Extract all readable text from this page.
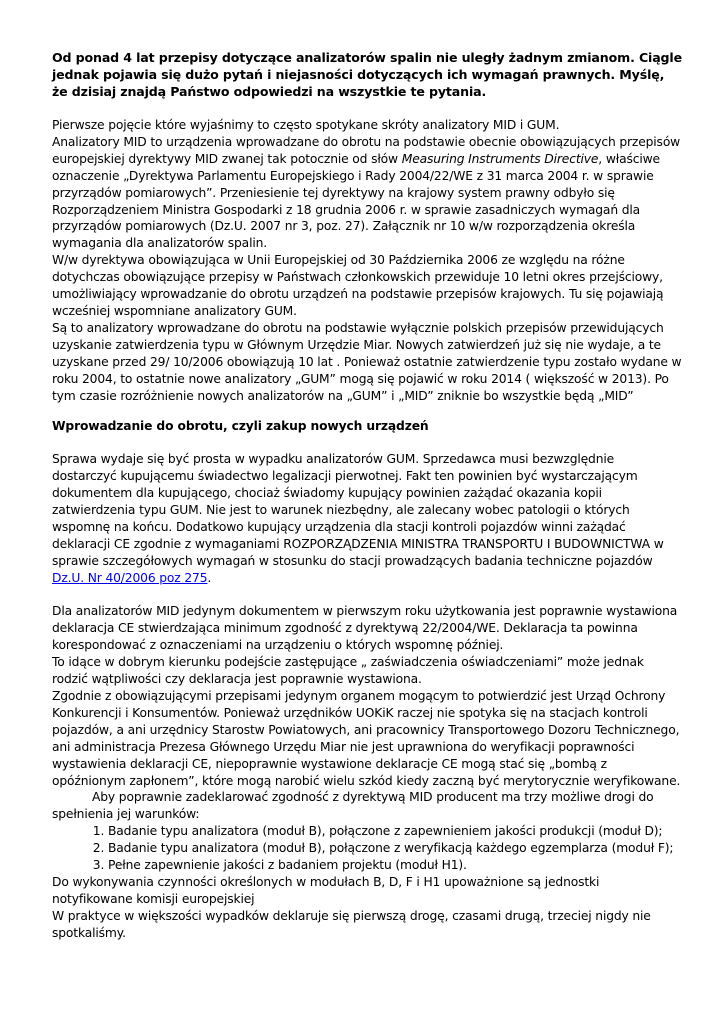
Od ponad 4 lat przepisy dotyczące analizatorów spalin nie uległy żadnym zmianom. Ciągle jednak pojawia się dużo pytań i niejasności dotyczących ich wymagań prawnych. Myślę, że dzisiaj znajdą Państwo odpowiedzi na wszystkie te pytania.

Pierwsze pojęcie które wyjaśnimy to często spotykane skróty analizatory MID i GUM.

Analizatory MID to urządzenia wprowadzane do obrotu na podstawie obecnie obowiązujących przepisów europejskiej dyrektywy MID zwanej tak potocznie od słów Measuring Instruments Directive, właściwe oznaczenie „Dyrektywa Parlamentu Europejskiego i Rady 2004/22/WE z 31 marca 2004 r. w sprawie przyrządów pomiarowych”. Przeniesienie tej dyrektywy na krajowy system prawny odbyło się Rozporządzeniem Ministra Gospodarki z 18 grudnia 2006 r. w sprawie zasadniczych wymagań dla przyrządów pomiarowych (Dz.U. 2007 nr 3, poz. 27). Załącznik nr 10 w/w rozporządzenia określa wymagania dla analizatorów spalin.

W/w dyrektywa obowiązująca w Unii Europejskiej od 30 Października 2006 ze względu na różne dotychczas obowiązujące przepisy w Państwach członkowskich przewiduje 10 letni okres przejściowy, umożliwiający wprowadzanie do obrotu urządzeń na podstawie przepisów krajowych. Tu się pojawiają wcześniej wspomniane analizatory GUM.

Są to analizatory wprowadzane do obrotu na podstawie wyłącznie polskich przepisów przewidujących uzyskanie zatwierdzenia typu w Głównym Urzędzie Miar. Nowych zatwierdzeń już się nie wydaje, a te uzyskane przed 29/ 10/2006 obowiązują 10 lat . Ponieważ ostatnie zatwierdzenie typu zostało wydane w roku 2004, to ostatnie nowe analizatory „GUM” mogą się pojawić w roku 2014 ( większość w 2013). Po tym czasie rozróżnienie nowych analizatorów na „GUM” i „MID” zniknie bo wszystkie będą „MID”

Wprowadzanie do obrotu, czyli zakup nowych urządzeń

Sprawa wydaje się być prosta w wypadku analizatorów GUM. Sprzedawca musi bezwzględnie dostarczyć kupującemu świadectwo legalizacji pierwotnej. Fakt ten powinien być wystarczającym dokumentem dla kupującego, chociaż świadomy kupujący powinien zażądać okazania kopii zatwierdzenia typu GUM. Nie jest to warunek niezbędny, ale zalecany wobec patologii o których wspomnę na końcu. Dodatkowo kupujący urządzenia dla stacji kontroli pojazdów winni zażądać deklaracji CE zgodnie z wymaganiami ROZPORZĄDZENIA MINISTRA TRANSPORTU I BUDOWNICTWA w sprawie szczegółowych wymagań w stosunku do stacji prowadzących badania techniczne pojazdów Dz.U. Nr 40/2006 poz 275.

Dla analizatorów MID jedynym dokumentem w pierwszym roku użytkowania jest poprawnie wystawiona deklaracja CE stwierdzająca minimum zgodność z dyrektywą 22/2004/WE. Deklaracja ta powinna korespondować z oznaczeniami na urządzeniu o których wspomnę później.

To idące w dobrym kierunku podejście zastępujące „ zaświadczenia oświadczeniami” może jednak rodzić wątpliwości czy deklaracja jest poprawnie wystawiona.

Zgodnie z obowiązującymi przepisami jedynym organem mogącym to potwierdzić jest Urząd Ochrony Konkurencji i Konsumentów. Ponieważ urzędników UOKiK raczej nie spotyka się na stacjach kontroli pojazdów, a ani urzędnicy Starostw Powiatowych, ani pracownicy Transportowego Dozoru Technicznego, ani administracja Prezesa Głównego Urzędu Miar nie jest uprawniona do weryfikacji poprawności wystawienia deklaracji CE, niepoprawnie wystawione deklaracje CE mogą stać się „bombą z opóźnionym zapłonem”, które mogą narobić wielu szkód kiedy zaczną być merytorycznie weryfikowane.

Aby poprawnie zadeklarować zgodność z dyrektywą MID producent ma trzy możliwe drogi do spełnienia jej warunków:

1. Badanie typu analizatora (moduł B), połączone z zapewnieniem jakości produkcji (moduł D);
2. Badanie typu analizatora (moduł B), połączone z weryfikacją każdego egzemplarza (moduł F);
3. Pełne zapewnienie jakości z badaniem projektu (moduł H1).

Do wykonywania czynności określonych w modułach B, D, F i H1 upoważnione są jednostki notyfikowane komisji europejskiej

W praktyce w większości wypadków deklaruje się pierwszą drogę, czasami drugą, trzeciej nigdy nie spotkaliśmy.
